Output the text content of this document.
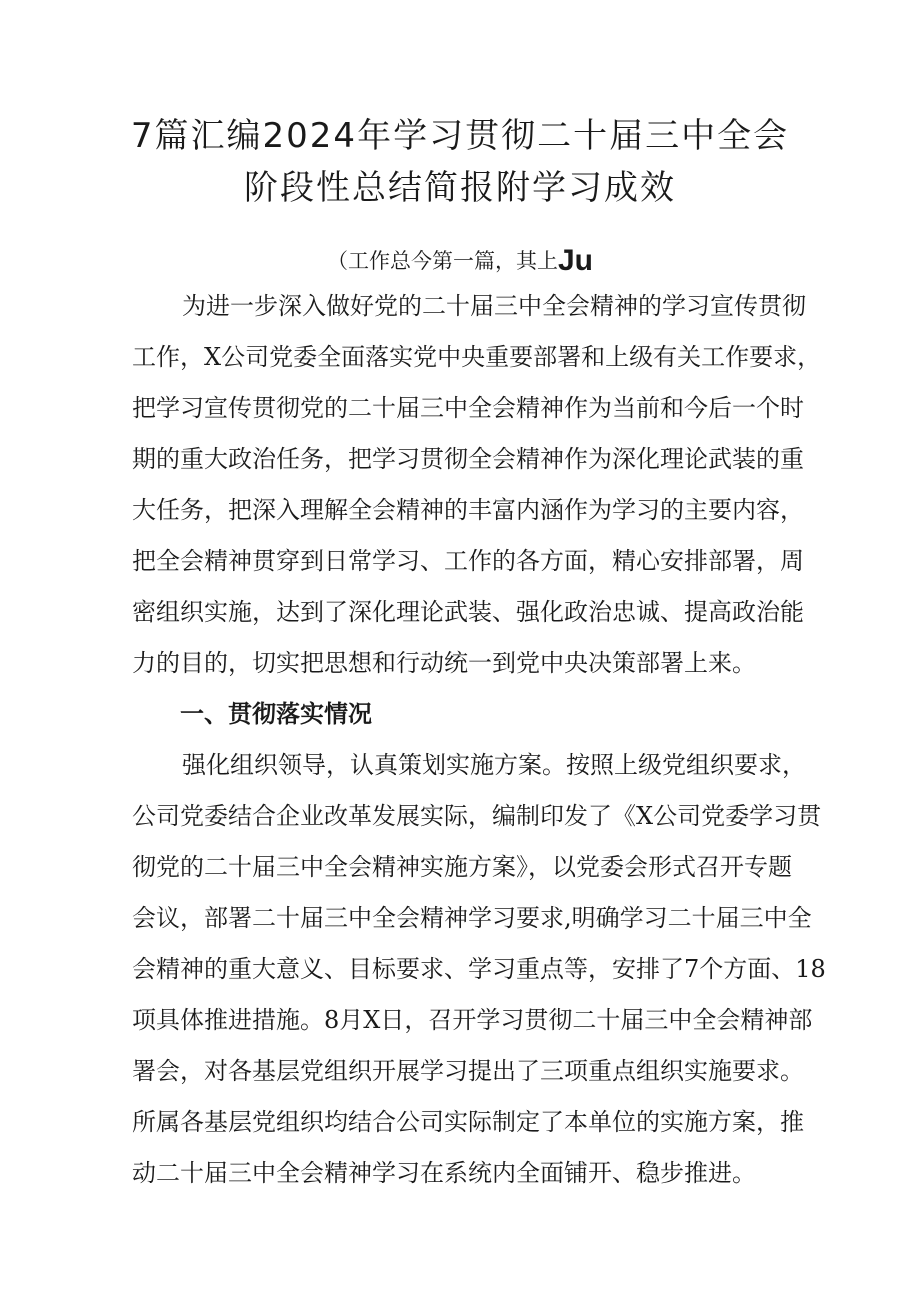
7篇汇编2024年学习贯彻二十届三中全会
阶段性总结简报附学习成效
（工作总今第一篇，其上Ju
为进一步深入做好党的二十届三中全会精神的学习宣传贯彻
工作，X公司党委全面落实党中央重要部署和上级有关工作要求，
把学习宣传贯彻党的二十届三中全会精神作为当前和今后一个时
期的重大政治任务，把学习贯彻全会精神作为深化理论武装的重
大任务，把深入理解全会精神的丰富内涵作为学习的主要内容，
把全会精神贯穿到日常学习、工作的各方面，精心安排部署，周
密组织实施，达到了深化理论武装、强化政治忠诚、提高政治能
力的目的，切实把思想和行动统一到党中央决策部署上来。
一、贯彻落实情况
强化组织领导，认真策划实施方案。按照上级党组织要求，
公司党委结合企业改革发展实际，编制印发了《X公司党委学习贯
彻党的二十届三中全会精神实施方案》，以党委会形式召开专题
会议，部署二十届三中全会精神学习要求,明确学习二十届三中全
会精神的重大意义、目标要求、学习重点等，安排了7个方面、18
项具体推进措施。8月X日，召开学习贯彻二十届三中全会精神部
署会，对各基层党组织开展学习提出了三项重点组织实施要求。
所属各基层党组织均结合公司实际制定了本单位的实施方案，推
动二十届三中全会精神学习在系统内全面铺开、稳步推进。
